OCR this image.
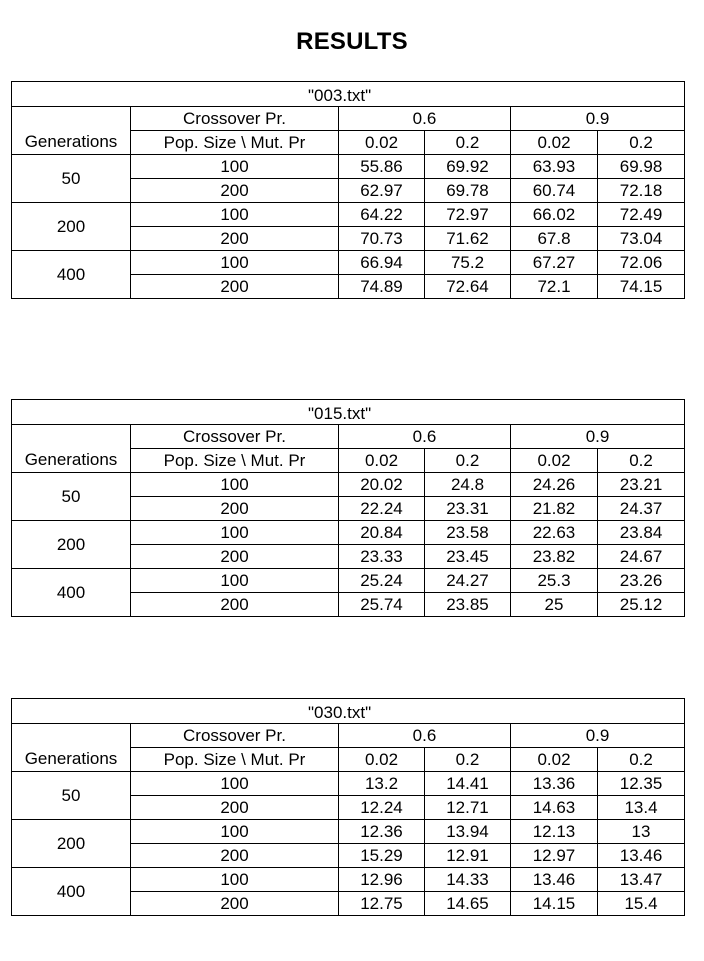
RESULTS
"003.txt"					
	Crossover Pr.	0.6		0.9	
Generations	Pop. Size \ Mut. Pr	0.02	0.2	0.02	0.2
50	100	55.86	69.92	63.93	69.98
	200	62.97	69.78	60.74	72.18
200	100	64.22	72.97	66.02	72.49
	200	70.73	71.62	67.8	73.04
400	100	66.94	75.2	67.27	72.06
	200	74.89	72.64	72.1	74.15
"015.txt"					
	Crossover Pr.	0.6		0.9	
Generations	Pop. Size \ Mut. Pr	0.02	0.2	0.02	0.2
50	100	20.02	24.8	24.26	23.21
	200	22.24	23.31	21.82	24.37
200	100	20.84	23.58	22.63	23.84
	200	23.33	23.45	23.82	24.67
400	100	25.24	24.27	25.3	23.26
	200	25.74	23.85	25	25.12
"030.txt"					
	Crossover Pr.	0.6		0.9	
Generations	Pop. Size \ Mut. Pr	0.02	0.2	0.02	0.2
50	100	13.2	14.41	13.36	12.35
	200	12.24	12.71	14.63	13.4
200	100	12.36	13.94	12.13	13
	200	15.29	12.91	12.97	13.46
400	100	12.96	14.33	13.46	13.47
	200	12.75	14.65	14.15	15.4
